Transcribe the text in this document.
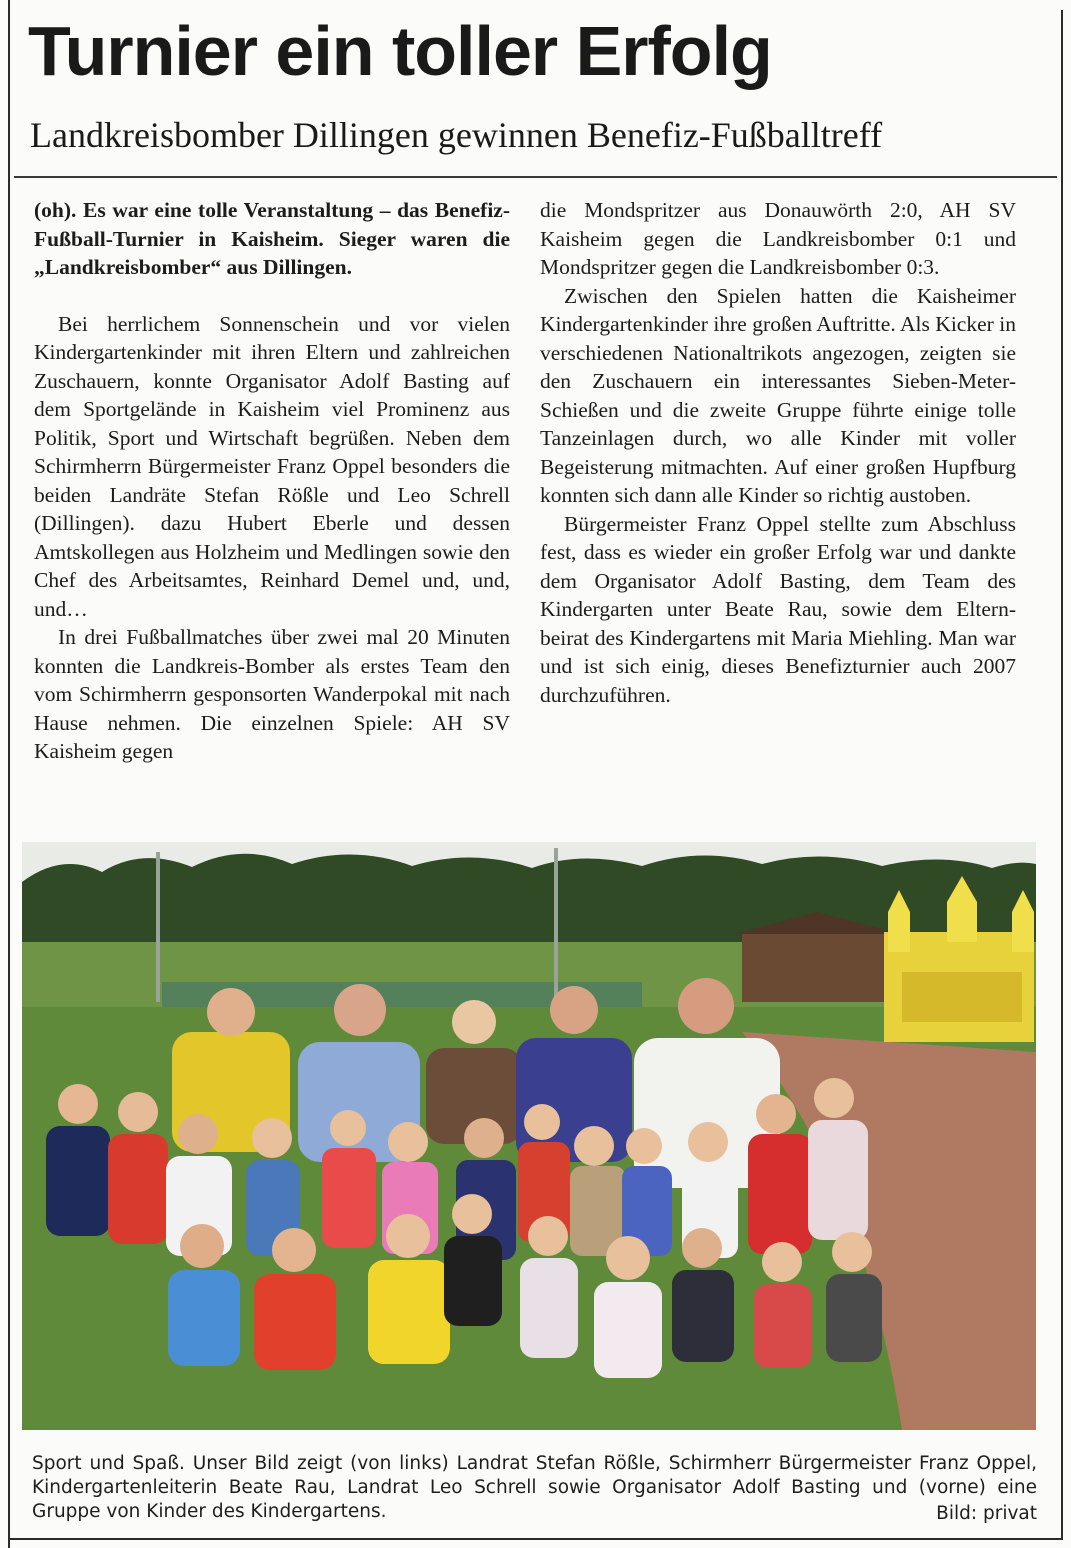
Turnier ein toller Erfolg
Landkreisbomber Dillingen gewinnen Benefiz-Fußballtreff

(oh). Es war eine tolle Veranstaltung – das Benefiz-Fußball-Turnier in Kaisheim. Sieger waren die „Landkreisbomber“ aus Dillingen.

Bei herrlichem Sonnenschein und vor vielen Kindergartenkinder mit ihren Eltern und zahlreichen Zuschauern, konnte Organisator Adolf Basting auf dem Sportgelände in Kaisheim viel Prominenz aus Politik, Sport und Wirtschaft begrüßen. Neben dem Schirmherrn Bürgermeister Franz Oppel besonders die beiden Landräte Stefan Rößle und Leo Schrell (Dillingen). dazu Hubert Eberle und dessen Amtskollegen aus Holzheim und Medlingen sowie den Chef des Arbeitsamtes, Reinhard Demel und, und, und…

In drei Fußballmatches über zwei mal 20 Minuten konnten die Landkreis-Bomber als erstes Team den vom Schirmherrn gesponsorten Wanderpokal mit nach Hause nehmen. Die einzelnen Spiele: AH SV Kaisheim gegen

die Mondspritzer aus Donauwörth 2:0, AH SV Kaisheim gegen die Landkreisbomber 0:1 und Mondspritzer gegen die Landkreisbomber 0:3.

Zwischen den Spielen hatten die Kaisheimer Kindergartenkinder ihre großen Auftritte. Als Kicker in verschiedenen Nationaltrikots angezogen, zeigten sie den Zuschauern ein interessantes Sieben-Meter-Schießen und die zweite Gruppe führte einige tolle Tanzeinlagen durch, wo alle Kinder mit voller Begeisterung mitmachten. Auf einer großen Hupfburg konnten sich dann alle Kinder so richtig austoben.

Bürgermeister Franz Oppel stellte zum Abschluss fest, dass es wieder ein großer Erfolg war und dankte dem Organisator Adolf Basting, dem Team des Kindergarten unter Beate Rau, sowie dem Eltern- beirat des Kindergartens mit Maria Miehling. Man war und ist sich einig, dieses Benefizturnier auch 2007 durchzuführen.

Sport und Spaß. Unser Bild zeigt (von links) Landrat Stefan Rößle, Schirmherr Bürgermeister Franz Oppel, Kindergartenleiterin Beate Rau, Landrat Leo Schrell sowie Organisator Adolf Basting und (vorne) eine Gruppe von Kinder des Kindergartens.	Bild: privat
